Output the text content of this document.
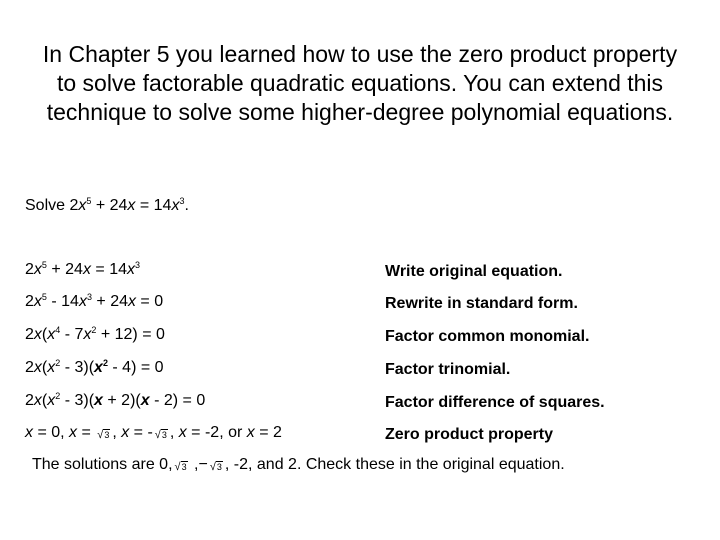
In Chapter 5 you learned how to use the zero product property to solve factorable quadratic equations. You can extend this technique to solve some higher-degree polynomial equations.
Solve $2x^5 + 24x = 14x^3$.
$2x^5 + 24x = 14x^3$	Write original equation.
$2x^5 - 14x^3 + 24x = 0$	Rewrite in standard form.
$2x(x^4 - 7x^2 + 12) = 0$	Factor common monomial.
$2x(x^2 - 3)(x^2 - 4) = 0$	Factor trinomial.
$2x(x^2 - 3)(x + 2)(x - 2) = 0$	Factor difference of squares.
x = 0, x = √3 , x = - √3 , x = -2, or x = 2	Zero product property
The solutions are 0, √3 ,− √3 , -2, and 2. Check these in the original equation.
